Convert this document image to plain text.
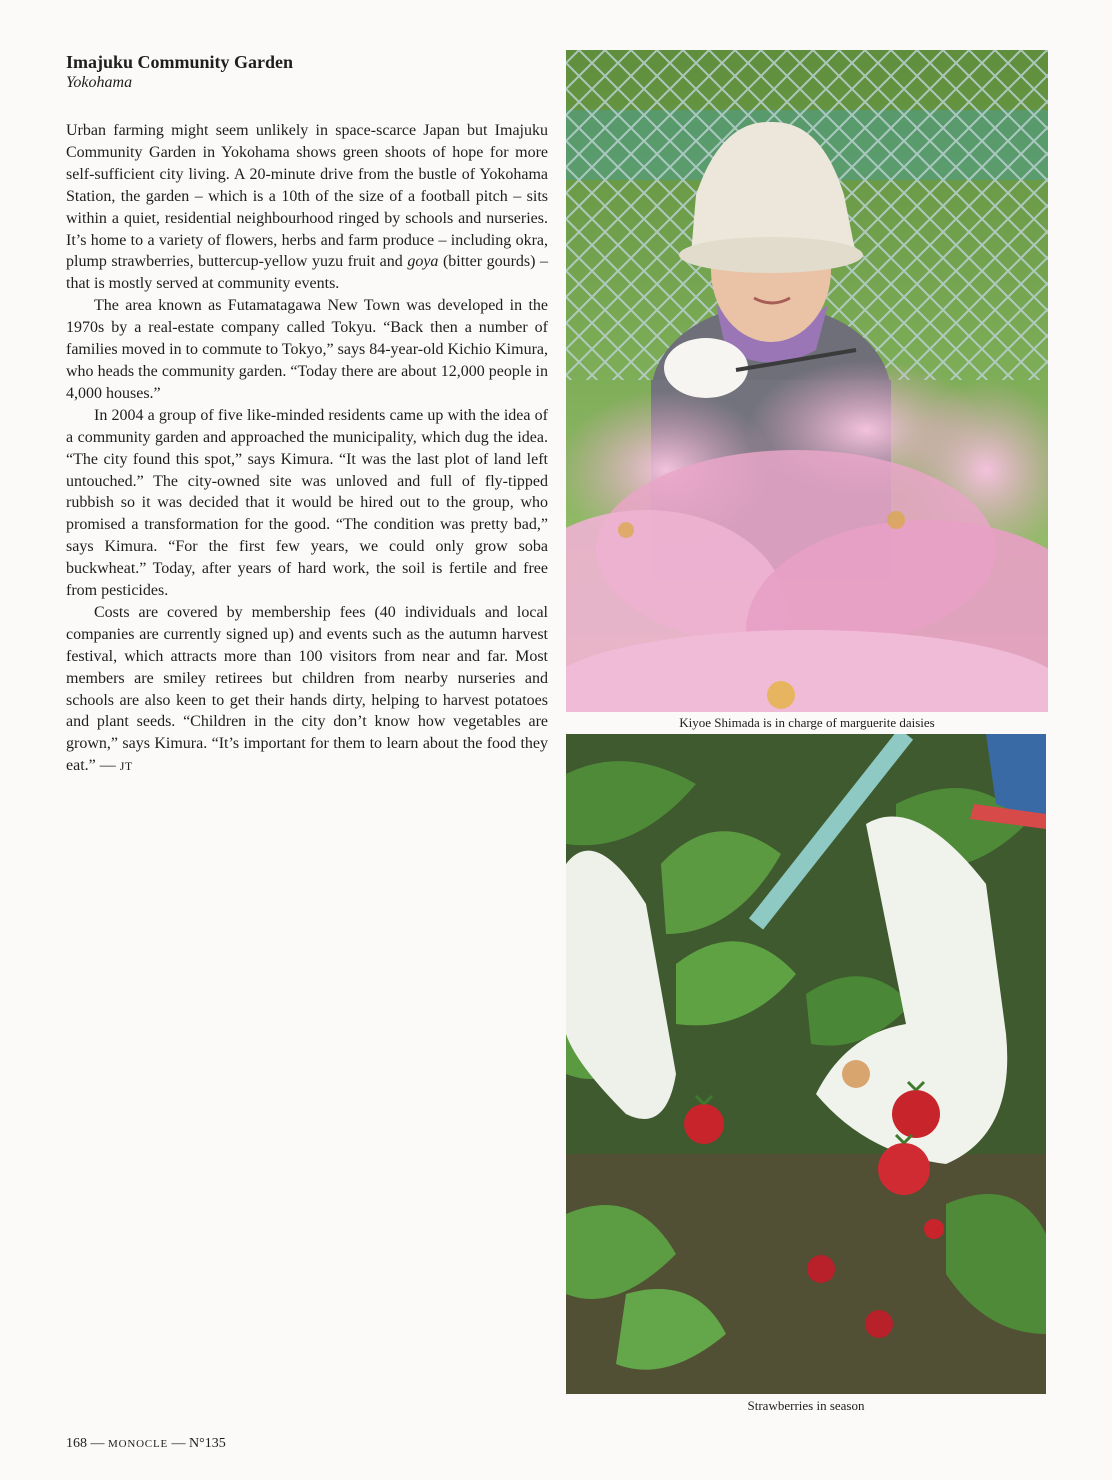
Imajuku Community Garden

Yokohama

Urban farming might seem unlikely in space-scarce Japan but Imajuku Community Garden in Yokohama shows green shoots of hope for more self-sufficient city living. A 20-minute drive from the bustle of Yokohama Station, the garden – which is a 10th of the size of a football pitch – sits within a quiet, residential neighbourhood ringed by schools and nurseries. It’s home to a variety of flowers, herbs and farm produce – including okra, plump strawberries, buttercup-yellow yuzu fruit and goya (bitter gourds) – that is mostly served at community events.

The area known as Futamatagawa New Town was developed in the 1970s by a real-estate company called Tokyu. “Back then a number of families moved in to commute to Tokyo,” says 84-year-old Kichio Kimura, who heads the community garden. “Today there are about 12,000 people in 4,000 houses.”

In 2004 a group of five like-minded residents came up with the idea of a community garden and approached the municipality, which dug the idea. “The city found this spot,” says Kimura. “It was the last plot of land left untouched.” The city-owned site was unloved and full of fly-tipped rubbish so it was decided that it would be hired out to the group, who promised a transformation for the good. “The condition was pretty bad,” says Kimura. “For the first few years, we could only grow soba buckwheat.” Today, after years of hard work, the soil is fertile and free from pesticides.

Costs are covered by membership fees (40 individuals and local companies are currently signed up) and events such as the autumn harvest festival, which attracts more than 100 visitors from near and far. Most members are smiley retirees but children from nearby nurseries and schools are also keen to get their hands dirty, helping to harvest potatoes and plant seeds. “Children in the city don’t know how vegetables are grown,” says Kimura. “It’s important for them to learn about the food they eat.” — JT

Kiyoe Shimada is in charge of marguerite daisies

Strawberries in season

168 — MONOCLE — N°135
